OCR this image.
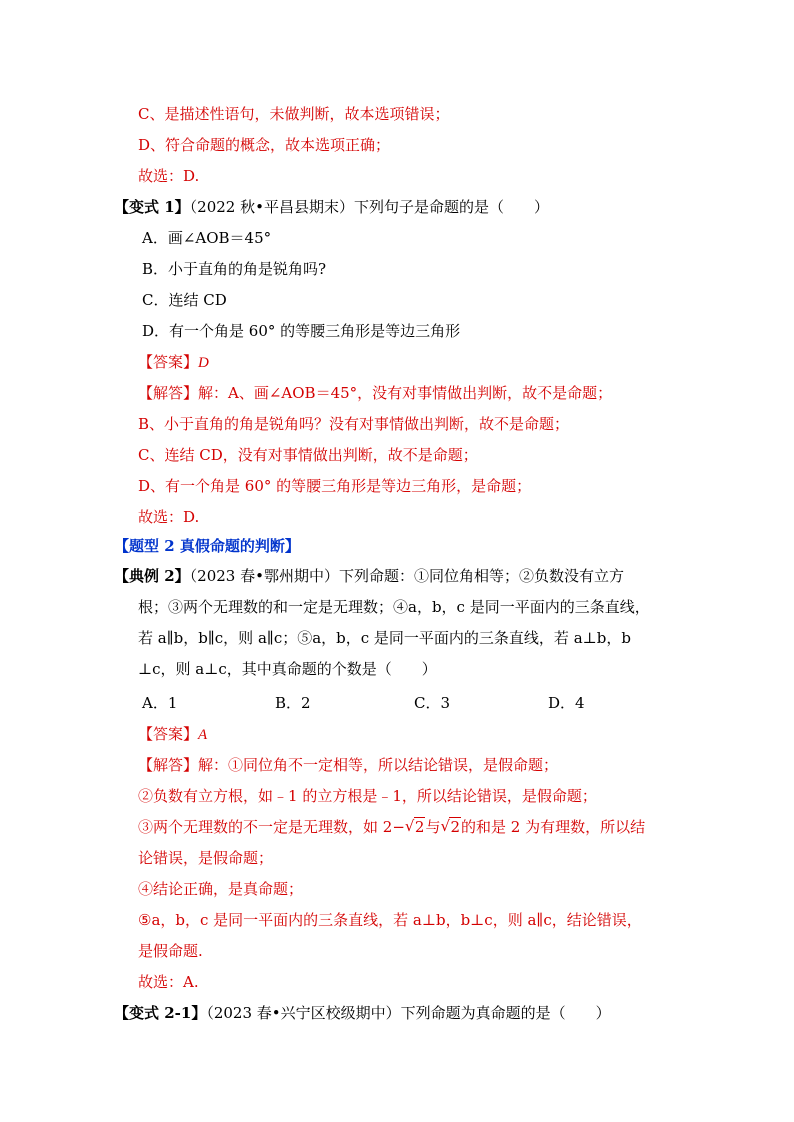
C、是描述性语句，未做判断，故本选项错误；
D、符合命题的概念，故本选项正确；
故选：D.
【变式 1】（2022 秋•平昌县期末）下列句子是命题的是（　　）
A．画∠AOB＝45°
B．小于直角的角是锐角吗?
C．连结 CD
D．有一个角是 60° 的等腰三角形是等边三角形
【答案】D
【解答】解：A、画∠AOB＝45°，没有对事情做出判断，故不是命题；
B、小于直角的角是锐角吗？没有对事情做出判断，故不是命题；
C、连结 CD，没有对事情做出判断，故不是命题；
D、有一个角是 60° 的等腰三角形是等边三角形，是命题；
故选：D.
【题型 2 真假命题的判断】
【典例 2】（2023 春•鄂州期中）下列命题：①同位角相等；②负数没有立方
根；③两个无理数的和一定是无理数；④a，b，c 是同一平面内的三条直线，
若 a∥b，b∥c，则 a∥c；⑤a，b，c 是同一平面内的三条直线，若 a⊥b，b
⊥c，则 a⊥c，其中真命题的个数是（　　）
A．1	B．2	C．3	D．4
【答案】A
【解答】解：①同位角不一定相等，所以结论错误，是假命题；
②负数有立方根，如﹣1 的立方根是﹣1，所以结论错误，是假命题；
③两个无理数的不一定是无理数，如 2− √ 2与 √ 2的和是 2 为有理数，所以结
论错误，是假命题；
④结论正确，是真命题；
⑤a，b，c 是同一平面内的三条直线，若 a⊥b，b⊥c，则 a∥c，结论错误，
是假命题.
故选：A.
【变式 2-1】（2023 春•兴宁区校级期中）下列命题为真命题的是（　　）
